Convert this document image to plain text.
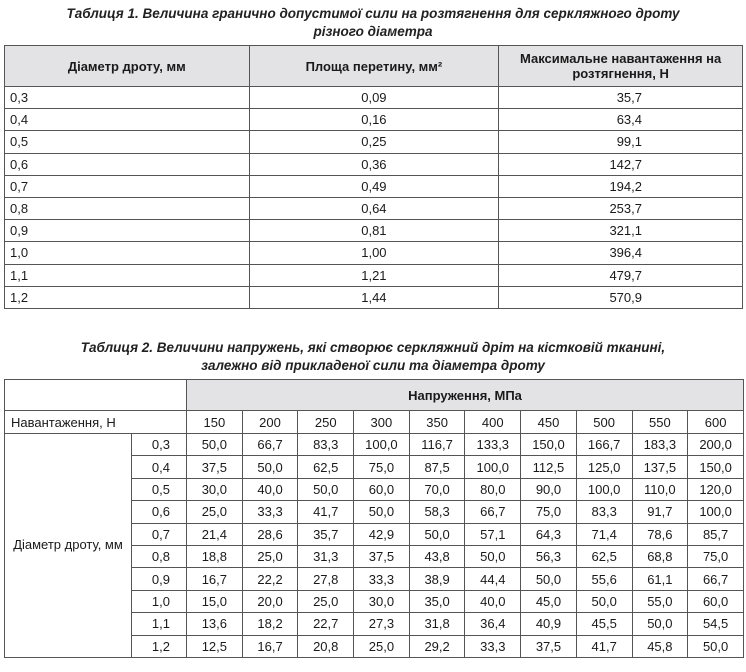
Таблиця 1. Величина гранично допустимої сили на розтягнення для серкляжного дроту
різного діаметра
Діаметр дроту, мм	Площа перетину, мм²	Максимальне навантаження на розтягнення, Н
0,3	0,09	35,7
0,4	0,16	63,4
0,5	0,25	99,1
0,6	0,36	142,7
0,7	0,49	194,2
0,8	0,64	253,7
0,9	0,81	321,1
1,0	1,00	396,4
1,1	1,21	479,7
1,2	1,44	570,9
Таблиця 2. Величини напружень, які створює серкляжний дріт на кістковій тканині,
залежно від прикладеної сили та діаметра дроту
		Напруження, МПа									
Навантаження, Н		150	200	250	300	350	400	450	500	550	600
Діаметр дроту, мм	0,3	50,0	66,7	83,3	100,0	116,7	133,3	150,0	166,7	183,3	200,0
	0,4	37,5	50,0	62,5	75,0	87,5	100,0	112,5	125,0	137,5	150,0
	0,5	30,0	40,0	50,0	60,0	70,0	80,0	90,0	100,0	110,0	120,0
	0,6	25,0	33,3	41,7	50,0	58,3	66,7	75,0	83,3	91,7	100,0
	0,7	21,4	28,6	35,7	42,9	50,0	57,1	64,3	71,4	78,6	85,7
	0,8	18,8	25,0	31,3	37,5	43,8	50,0	56,3	62,5	68,8	75,0
	0,9	16,7	22,2	27,8	33,3	38,9	44,4	50,0	55,6	61,1	66,7
	1,0	15,0	20,0	25,0	30,0	35,0	40,0	45,0	50,0	55,0	60,0
	1,1	13,6	18,2	22,7	27,3	31,8	36,4	40,9	45,5	50,0	54,5
	1,2	12,5	16,7	20,8	25,0	29,2	33,3	37,5	41,7	45,8	50,0
